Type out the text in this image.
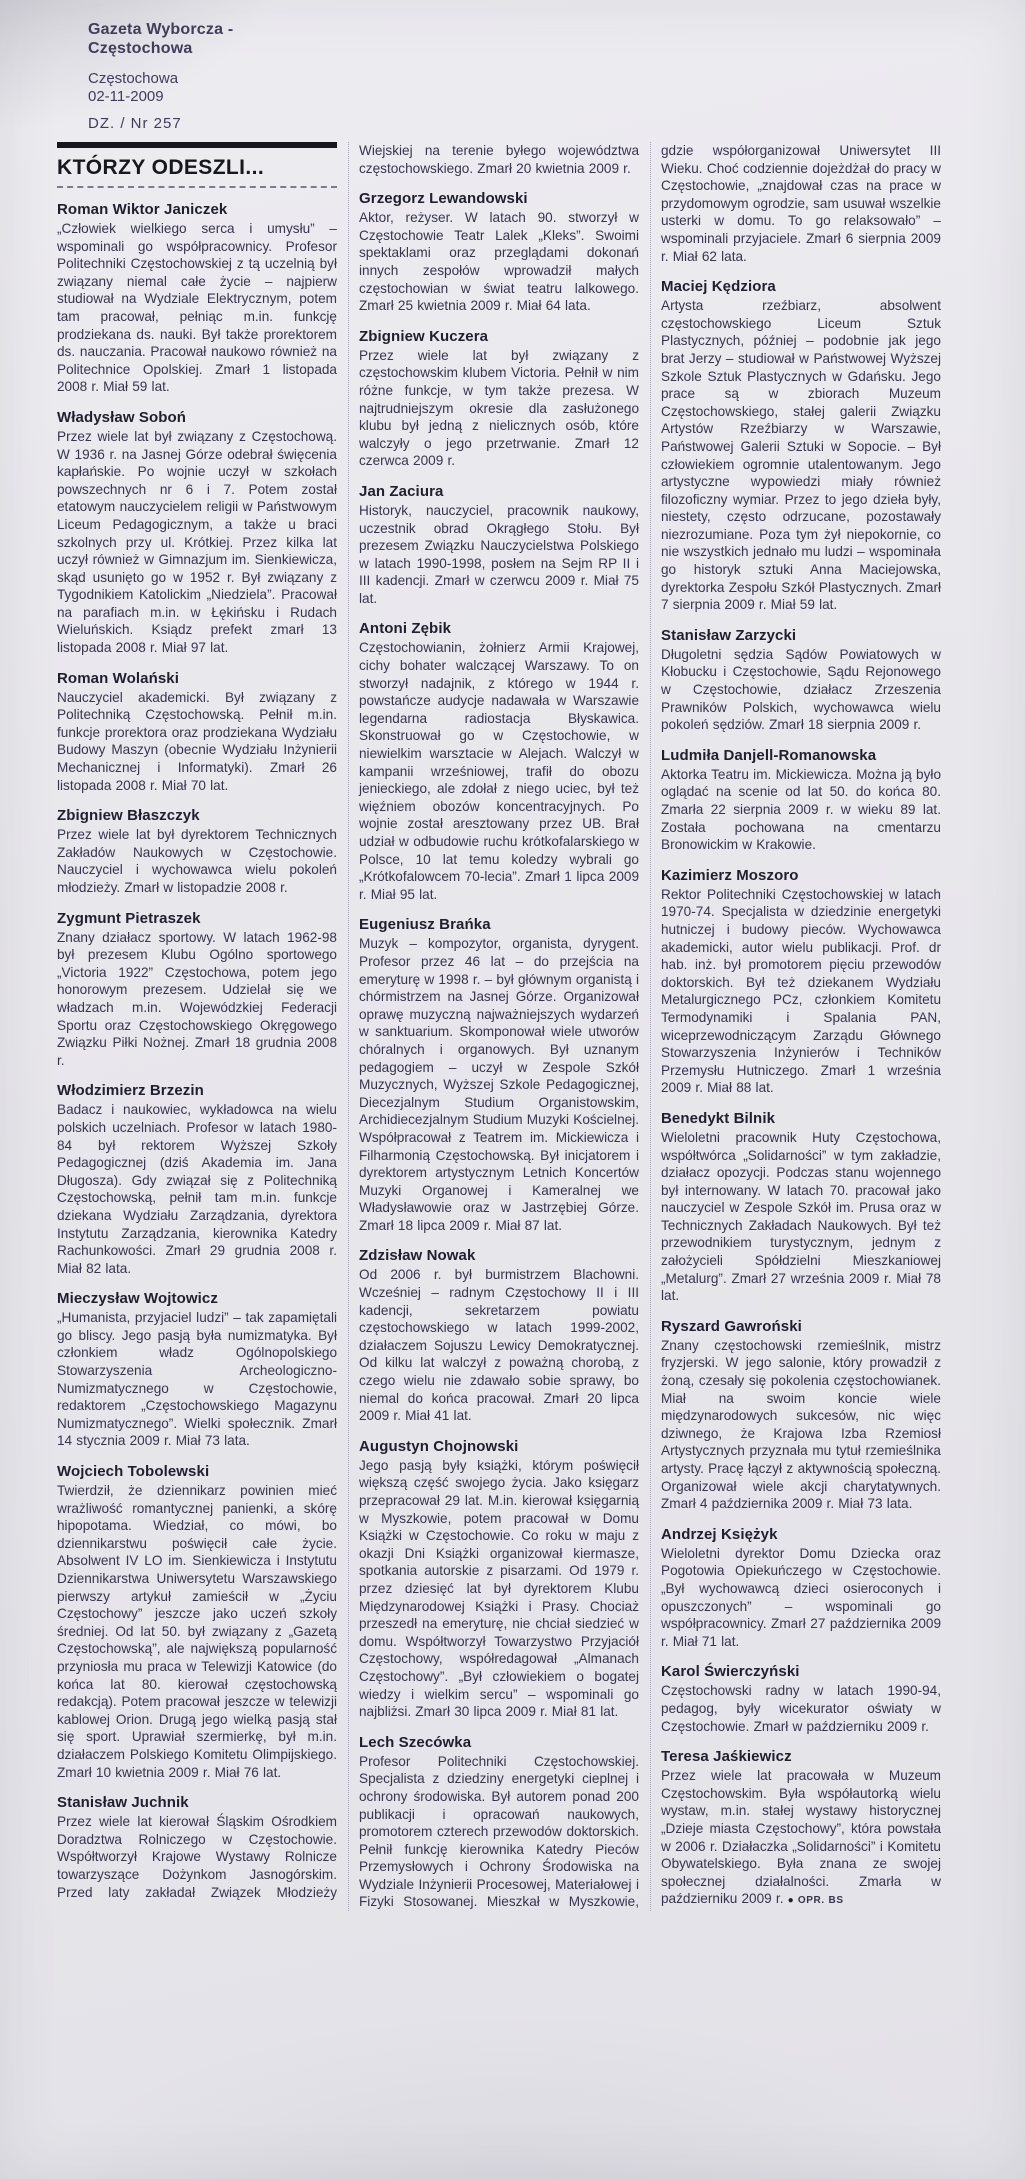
Gazeta Wyborcza -
Częstochowa
Częstochowa
02-11-2009
DZ. / Nr 257
KTÓRZY ODESZLI...
Roman Wiktor Janiczek

„Człowiek wielkiego serca i umysłu” – wspominali go współpracownicy. Profesor Politechniki Częstochowskiej z tą uczelnią był związany niemal całe życie – najpierw studiował na Wydziale Elektrycznym, potem tam pracował, pełniąc m.in. funkcję prodziekana ds. nauki. Był także prorektorem ds. nauczania. Pracował naukowo również na Politechnice Opolskiej. Zmarł 1 listopada 2008 r. Miał 59 lat.

Władysław Soboń

Przez wiele lat był związany z Częstochową. W 1936 r. na Jasnej Górze odebrał święcenia kapłańskie. Po wojnie uczył w szkołach powszechnych nr 6 i 7. Potem został etatowym nauczycielem religii w Państwowym Liceum Pedagogicznym, a także u braci szkolnych przy ul. Krótkiej. Przez kilka lat uczył również w Gimnazjum im. Sienkiewicza, skąd usunięto go w 1952 r. Był związany z Tygodnikiem Katolickim „Niedziela”. Pracował na parafiach m.in. w Łękińsku i Rudach Wieluńskich. Ksiądz prefekt zmarł 13 listopada 2008 r. Miał 97 lat.

Roman Wolański

Nauczyciel akademicki. Był związany z Politechniką Częstochowską. Pełnił m.in. funkcje prorektora oraz prodziekana Wydziału Budowy Maszyn (obecnie Wydziału Inżynierii Mechanicznej i Informatyki). Zmarł 26 listopada 2008 r. Miał 70 lat.

Zbigniew Błaszczyk

Przez wiele lat był dyrektorem Technicznych Zakładów Naukowych w Częstochowie. Nauczyciel i wychowawca wielu pokoleń młodzieży. Zmarł w listopadzie 2008 r.

Zygmunt Pietraszek

Znany działacz sportowy. W latach 1962-98 był prezesem Klubu Ogólno sportowego „Victoria 1922” Częstochowa, potem jego honorowym prezesem. Udzielał się we władzach m.in. Wojewódzkiej Federacji Sportu oraz Częstochowskiego Okręgowego Związku Piłki Nożnej. Zmarł 18 grudnia 2008 r.

Włodzimierz Brzezin

Badacz i naukowiec, wykładowca na wielu polskich uczelniach. Profesor w latach 1980-84 był rektorem Wyższej Szkoły Pedagogicznej (dziś Akademia im. Jana Długosza). Gdy związał się z Politechniką Częstochowską, pełnił tam m.in. funkcje dziekana Wydziału Zarządzania, dyrektora Instytutu Zarządzania, kierownika Katedry Rachunkowości. Zmarł 29 grudnia 2008 r. Miał 82 lata.

Mieczysław Wojtowicz

„Humanista, przyjaciel ludzi” – tak zapamiętali go bliscy. Jego pasją była numizmatyka. Był członkiem władz Ogólnopolskiego Stowarzyszenia Archeologiczno-Numizmatycznego w Częstochowie, redaktorem „Częstochowskiego Magazynu Numizmatycznego”. Wielki społecznik. Zmarł 14 stycznia 2009 r. Miał 73 lata.

Wojciech Tobolewski

Twierdził, że dziennikarz powinien mieć wrażliwość romantycznej panienki, a skórę hipopotama. Wiedział, co mówi, bo dziennikarstwu poświęcił całe życie. Absolwent IV LO im. Sienkiewicza i Instytutu Dziennikarstwa Uniwersytetu Warszawskiego pierwszy artykuł zamieścił w „Życiu Częstochowy” jeszcze jako uczeń szkoły średniej. Od lat 50. był związany z „Gazetą Częstochowską”, ale największą popularność przyniosła mu praca w Telewizji Katowice (do końca lat 80. kierował częstochowską redakcją). Potem pracował jeszcze w telewizji kablowej Orion. Drugą jego wielką pasją stał się sport. Uprawiał szermierkę, był m.in. działaczem Polskiego Komitetu Olimpijskiego. Zmarł 10 kwietnia 2009 r. Miał 76 lat.

Stanisław Juchnik

Przez wiele lat kierował Śląskim Ośrodkiem Doradztwa Rolniczego w Częstochowie. Współtworzył Krajowe Wystawy Rolnicze towarzyszące Dożynkom Jasnogórskim. Przed laty zakładał Związek Młodzieży Wiejskiej na terenie byłego województwa częstochowskiego. Zmarł 20 kwietnia 2009 r.

Grzegorz Lewandowski

Aktor, reżyser. W latach 90. stworzył w Częstochowie Teatr Lalek „Kleks”. Swoimi spektaklami oraz przeglądami dokonań innych zespołów wprowadził małych częstochowian w świat teatru lalkowego. Zmarł 25 kwietnia 2009 r. Miał 64 lata.

Zbigniew Kuczera

Przez wiele lat był związany z częstochowskim klubem Victoria. Pełnił w nim różne funkcje, w tym także prezesa. W najtrudniejszym okresie dla zasłużonego klubu był jedną z nielicznych osób, które walczyły o jego przetrwanie. Zmarł 12 czerwca 2009 r.

Jan Zaciura

Historyk, nauczyciel, pracownik naukowy, uczestnik obrad Okrągłego Stołu. Był prezesem Związku Nauczycielstwa Polskiego w latach 1990-1998, posłem na Sejm RP II i III kadencji. Zmarł w czerwcu 2009 r. Miał 75 lat.

Antoni Zębik

Częstochowianin, żołnierz Armii Krajowej, cichy bohater walczącej Warszawy. To on stworzył nadajnik, z którego w 1944 r. powstańcze audycje nadawała w Warszawie legendarna radiostacja Błyskawica. Skonstruował go w Częstochowie, w niewielkim warsztacie w Alejach. Walczył w kampanii wrześniowej, trafił do obozu jenieckiego, ale zdołał z niego uciec, był też więźniem obozów koncentracyjnych. Po wojnie został aresztowany przez UB. Brał udział w odbudowie ruchu krótkofalarskiego w Polsce, 10 lat temu koledzy wybrali go „Krótkofalowcem 70-lecia”. Zmarł 1 lipca 2009 r. Miał 95 lat.

Eugeniusz Brańka

Muzyk – kompozytor, organista, dyrygent. Profesor przez 46 lat – do przejścia na emeryturę w 1998 r. – był głównym organistą i chórmistrzem na Jasnej Górze. Organizował oprawę muzyczną najważniejszych wydarzeń w sanktuarium. Skomponował wiele utworów chóralnych i organowych. Był uznanym pedagogiem – uczył w Zespole Szkół Muzycznych, Wyższej Szkole Pedagogicznej, Diecezjalnym Studium Organistowskim, Archidiecezjalnym Studium Muzyki Kościelnej. Współpracował z Teatrem im. Mickiewicza i Filharmonią Częstochowską. Był inicjatorem i dyrektorem artystycznym Letnich Koncertów Muzyki Organowej i Kameralnej we Władysławowie oraz w Jastrzębiej Górze. Zmarł 18 lipca 2009 r. Miał 87 lat.

Zdzisław Nowak

Od 2006 r. był burmistrzem Blachowni. Wcześniej – radnym Częstochowy II i III kadencji, sekretarzem powiatu częstochowskiego w latach 1999-2002, działaczem Sojuszu Lewicy Demokratycznej. Od kilku lat walczył z poważną chorobą, z czego wielu nie zdawało sobie sprawy, bo niemal do końca pracował. Zmarł 20 lipca 2009 r. Miał 41 lat.

Augustyn Chojnowski

Jego pasją były książki, którym poświęcił większą część swojego życia. Jako księgarz przepracował 29 lat. M.in. kierował księgarnią w Myszkowie, potem pracował w Domu Książki w Częstochowie. Co roku w maju z okazji Dni Książki organizował kiermasze, spotkania autorskie z pisarzami. Od 1979 r. przez dziesięć lat był dyrektorem Klubu Międzynarodowej Książki i Prasy. Chociaż przeszedł na emeryturę, nie chciał siedzieć w domu. Współtworzył Towarzystwo Przyjaciół Częstochowy, współredagował „Almanach Częstochowy”. „Był człowiekiem o bogatej wiedzy i wielkim sercu” – wspominali go najbliżsi. Zmarł 30 lipca 2009 r. Miał 81 lat.

Lech Szecówka

Profesor Politechniki Częstochowskiej. Specjalista z dziedziny energetyki cieplnej i ochrony środowiska. Był autorem ponad 200 publikacji i opracowań naukowych, promotorem czterech przewodów doktorskich. Pełnił funkcję kierownika Katedry Pieców Przemysłowych i Ochrony Środowiska na Wydziale Inżynierii Procesowej, Materiałowej i Fizyki Stosowanej. Mieszkał w Myszkowie, gdzie współorganizował Uniwersytet III Wieku. Choć codziennie dojeżdżał do pracy w Częstochowie, „znajdował czas na prace w przydomowym ogrodzie, sam usuwał wszelkie usterki w domu. To go relaksowało” – wspominali przyjaciele. Zmarł 6 sierpnia 2009 r. Miał 62 lata.

Maciej Kędziora

Artysta rzeźbiarz, absolwent częstochowskiego Liceum Sztuk Plastycznych, później – podobnie jak jego brat Jerzy – studiował w Państwowej Wyższej Szkole Sztuk Plastycznych w Gdańsku. Jego prace są w zbiorach Muzeum Częstochowskiego, stałej galerii Związku Artystów Rzeźbiarzy w Warszawie, Państwowej Galerii Sztuki w Sopocie. – Był człowiekiem ogromnie utalentowanym. Jego artystyczne wypowiedzi miały również filozoficzny wymiar. Przez to jego dzieła były, niestety, często odrzucane, pozostawały niezrozumiane. Poza tym żył niepokornie, co nie wszystkich jednało mu ludzi – wspominała go historyk sztuki Anna Maciejowska, dyrektorka Zespołu Szkół Plastycznych. Zmarł 7 sierpnia 2009 r. Miał 59 lat.

Stanisław Zarzycki

Długoletni sędzia Sądów Powiatowych w Kłobucku i Częstochowie, Sądu Rejonowego w Częstochowie, działacz Zrzeszenia Prawników Polskich, wychowawca wielu pokoleń sędziów. Zmarł 18 sierpnia 2009 r.

Ludmiła Danjell-Romanowska

Aktorka Teatru im. Mickiewicza. Można ją było oglądać na scenie od lat 50. do końca 80. Zmarła 22 sierpnia 2009 r. w wieku 89 lat. Została pochowana na cmentarzu Bronowickim w Krakowie.

Kazimierz Moszoro

Rektor Politechniki Częstochowskiej w latach 1970-74. Specjalista w dziedzinie energetyki hutniczej i budowy pieców. Wychowawca akademicki, autor wielu publikacji. Prof. dr hab. inż. był promotorem pięciu przewodów doktorskich. Był też dziekanem Wydziału Metalurgicznego PCz, członkiem Komitetu Termodynamiki i Spalania PAN, wiceprzewodniczącym Zarządu Głównego Stowarzyszenia Inżynierów i Techników Przemysłu Hutniczego. Zmarł 1 września 2009 r. Miał 88 lat.

Benedykt Bilnik

Wieloletni pracownik Huty Częstochowa, współtwórca „Solidarności” w tym zakładzie, działacz opozycji. Podczas stanu wojennego był internowany. W latach 70. pracował jako nauczyciel w Zespole Szkół im. Prusa oraz w Technicznych Zakładach Naukowych. Był też przewodnikiem turystycznym, jednym z założycieli Spółdzielni Mieszkaniowej „Metalurg”. Zmarł 27 września 2009 r. Miał 78 lat.

Ryszard Gawroński

Znany częstochowski rzemieślnik, mistrz fryzjerski. W jego salonie, który prowadził z żoną, czesały się pokolenia częstochowianek. Miał na swoim koncie wiele międzynarodowych sukcesów, nic więc dziwnego, że Krajowa Izba Rzemiosł Artystycznych przyznała mu tytuł rzemieślnika artysty. Pracę łączył z aktywnością społeczną. Organizował wiele akcji charytatywnych. Zmarł 4 października 2009 r. Miał 73 lata.

Andrzej Księżyk

Wieloletni dyrektor Domu Dziecka oraz Pogotowia Opiekuńczego w Częstochowie. „Był wychowawcą dzieci osieroconych i opuszczonych” – wspominali go współpracownicy. Zmarł 27 października 2009 r. Miał 71 lat.

Karol Świerczyński

Częstochowski radny w latach 1990-94, pedagog, były wicekurator oświaty w Częstochowie. Zmarł w październiku 2009 r.

Teresa Jaśkiewicz

Przez wiele lat pracowała w Muzeum Częstochowskim. Była współautorką wielu wystaw, m.in. stałej wystawy historycznej „Dzieje miasta Częstochowy”, która powstała w 2006 r. Działaczka „Solidarności” i Komitetu Obywatelskiego. Była znana ze swojej społecznej działalności. Zmarła w październiku 2009 r. ● OPR. BS
